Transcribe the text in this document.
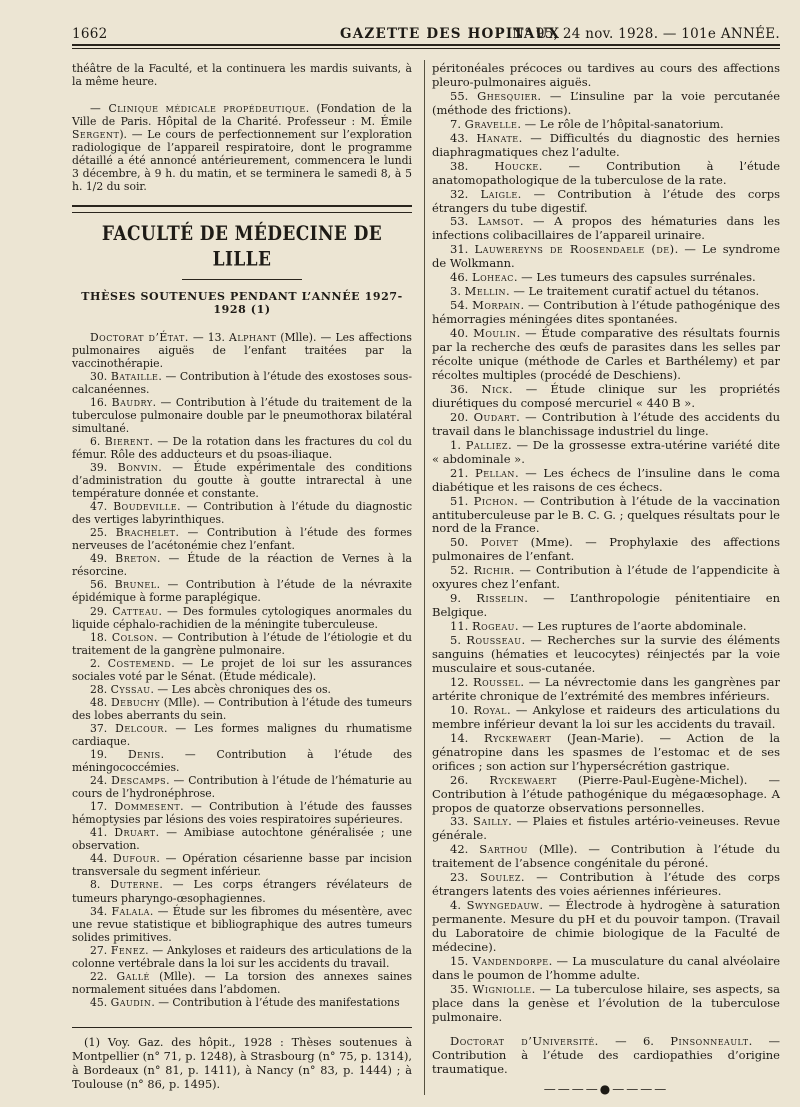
1662	GAZETTE DES HOPITAUX
N° 95, 24 nov. 1928. — 101e ANNÉE.

théâtre de la Faculté, et la continuera les mardis suivants, à la même heure.

— Clinique médicale propédeutique. (Fondation de la Ville de Paris. Hôpital de la Charité. Professeur : M. Émile Sergent). — Le cours de perfectionnement sur l’exploration radiologique de l’appareil respiratoire, dont le programme détaillé a été annoncé antérieurement, commencera le lundi 3 décembre, à 9 h. du matin, et se terminera le samedi 8, à 5 h. 1/2 du soir.

FACULTÉ DE MÉDECINE DE LILLE
THÈSES SOUTENUES PENDANT L’ANNÉE 1927-1928 (1)

Doctorat d’État. — 13. Alphant (Mlle). — Les affections pulmonaires aiguës de l’enfant traitées par la vaccinothérapie.

30. Bataille. — Contribution à l’étude des exostoses sous-calcanéennes.

16. Baudry. — Contribution à l’étude du traitement de la tuberculose pulmonaire double par le pneumothorax bilatéral simultané.

6. Bierent. — De la rotation dans les fractures du col du fémur. Rôle des adducteurs et du psoas-iliaque.

39. Bonvin. — Étude expérimentale des conditions d’administration du goutte à goutte intrarectal à une température donnée et constante.

47. Boudeville. — Contribution à l’étude du diagnostic des vertiges labyrinthiques.

25. Brachelet. — Contribution à l’étude des formes nerveuses de l’acétonémie chez l’enfant.

49. Breton. — Étude de la réaction de Vernes à la résorcine.

56. Brunel. — Contribution à l’étude de la névraxite épidémique à forme paraplégique.

29. Catteau. — Des formules cytologiques anormales du liquide céphalo-rachidien de la méningite tuberculeuse.

18. Colson. — Contribution à l’étude de l’étiologie et du traitement de la gangrène pulmonaire.

2. Costemend. — Le projet de loi sur les assurances sociales voté par le Sénat. (Étude médicale).

28. Cyssau. — Les abcès chroniques des os.

48. Debuchy (Mlle). — Contribution à l’étude des tumeurs des lobes aberrants du sein.

37. Delcour. — Les formes malignes du rhumatisme cardiaque.

19. Denis. — Contribution à l’étude des méningococcémies.

24. Descamps. — Contribution à l’étude de l’hématurie au cours de l’hydronéphrose.

17. Dommesent. — Contribution à l’étude des fausses hémoptysies par lésions des voies respiratoires supérieures.

41. Druart. — Amibiase autochtone généralisée ; une observation.

44. Dufour. — Opération césarienne basse par incision transversale du segment inférieur.

8. Duterne. — Les corps étrangers révélateurs de tumeurs pharyngo-œsophagiennes.

34. Falala. — Étude sur les fibromes du mésentère, avec une revue statistique et bibliographique des autres tumeurs solides primitives.

27. Fenez. — Ankyloses et raideurs des articulations de la colonne vertébrale dans la loi sur les accidents du travail.

22. Gallé (Mlle). — La torsion des annexes saines normalement situées dans l’abdomen.

45. Gaudin. — Contribution à l’étude des manifestations

(1) Voy. Gaz. des hôpit., 1928 : Thèses soutenues à Montpellier (n° 71, p. 1248), à Strasbourg (n° 75, p. 1314), à Bordeaux (n° 81, p. 1411), à Nancy (n° 83, p. 1444) ; à Toulouse (n° 86, p. 1495).

péritonéales précoces ou tardives au cours des affections pleuro-pulmonaires aiguës.

55. Ghesquier. — L’insuline par la voie percutanée (méthode des frictions).

7. Gravelle. — Le rôle de l’hôpital-sanatorium.

43. Hanate. — Difficultés du diagnostic des hernies diaphragmatiques chez l’adulte.

38. Houcke. — Contribution à l’étude anatomopathologique de la tuberculose de la rate.

32. Laigle. — Contribution à l’étude des corps étrangers du tube digestif.

53. Lamsot. — A propos des hématuries dans les infections colibacillaires de l’appareil urinaire.

31. Lauwereyns de Roosendaele (de). — Le syndrome de Wolkmann.

46. Loheac. — Les tumeurs des capsules surrénales.

3. Mellin. — Le traitement curatif actuel du tétanos.

54. Morpain. — Contribution à l’étude pathogénique des hémorragies méningées dites spontanées.

40. Moulin. — Étude comparative des résultats fournis par la recherche des œufs de parasites dans les selles par récolte unique (méthode de Carles et Barthélemy) et par récoltes multiples (procédé de Deschiens).

36. Nick. — Étude clinique sur les propriétés diurétiques du composé mercuriel « 440 B ».

20. Oudart. — Contribution à l’étude des accidents du travail dans le blanchissage industriel du linge.

1. Palliez. — De la grossesse extra-utérine variété dite « abdominale ».

21. Pellan. — Les échecs de l’insuline dans le coma diabétique et les raisons de ces échecs.

51. Pichon. — Contribution à l’étude de la vaccination antituberculeuse par le B. C. G. ; quelques résultats pour le nord de la France.

50. Poivet (Mme). — Prophylaxie des affections pulmonaires de l’enfant.

52. Richir. — Contribution à l’étude de l’appendicite à oxyures chez l’enfant.

9. Risselin. — L’anthropologie pénitentiaire en Belgique.

11. Rogeau. — Les ruptures de l’aorte abdominale.

5. Rousseau. — Recherches sur la survie des éléments sanguins (hématies et leucocytes) réinjectés par la voie musculaire et sous-cutanée.

12. Roussel. — La névrectomie dans les gangrènes par artérite chronique de l’extrémité des membres inférieurs.

10. Royal. — Ankylose et raideurs des articulations du membre inférieur devant la loi sur les accidents du travail.

14. Ryckewaert (Jean-Marie). — Action de la génatropine dans les spasmes de l’estomac et de ses orifices ; son action sur l’hypersécrétion gastrique.

26. Ryckewaert (Pierre-Paul-Eugène-Michel). — Contribution à l’étude pathogénique du mégaœsophage. A propos de quatorze observations personnelles.

33. Sailly. — Plaies et fistules artério-veineuses. Revue générale.

42. Sarthou (Mlle). — Contribution à l’étude du traitement de l’absence congénitale du péroné.

23. Soulez. — Contribution à l’étude des corps étrangers latents des voies aériennes inférieures.

4. Swyngedauw. — Électrode à hydrogène à saturation permanente. Mesure du pH et du pouvoir tampon. (Travail du Laboratoire de chimie biologique de la Faculté de médecine).

15. Vandendorpe. — La musculature du canal alvéolaire dans le poumon de l’homme adulte.

35. Wigniolle. — La tuberculose hilaire, ses aspects, sa place dans la genèse et l’évolution de la tuberculose pulmonaire.

Doctorat d’Université. — 6. Pinsonneault. — Contribution à l’étude des cardiopathies d’origine traumatique.

————●————
